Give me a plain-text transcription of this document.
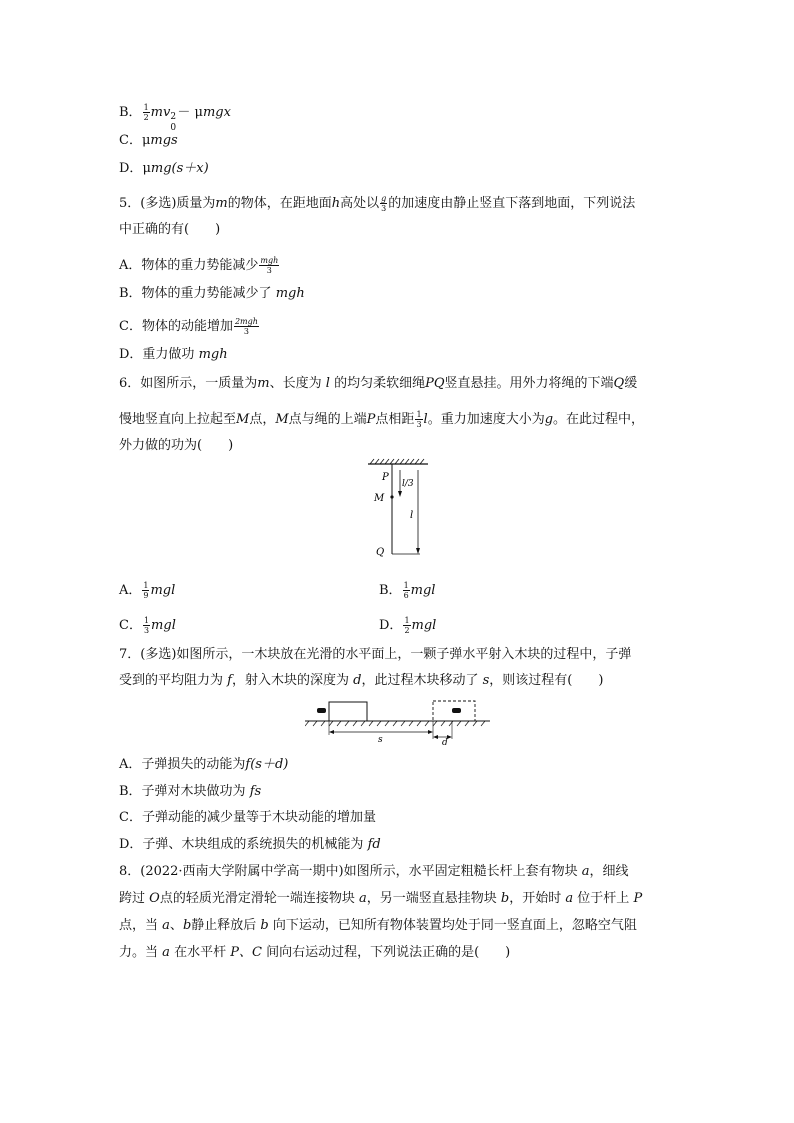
B． $\frac{1}{2}$ mv 2
0
－ μmgx
C．μmgs
D．μmg(s＋x)
5．(多选)质量为m的物体，在距地面h高处以 $\frac{g}{3}$ 的加速度由静止竖直下落到地面，下列说法
中正确的有(　　)
A．物体的重力势能减少 $\frac{\text{mgh}}{3}$
B．物体的重力势能减少了 mgh
C．物体的动能增加 $\frac{\text{2mgh}}{3}$
D．重力做功 mgh
6．如图所示，一质量为m、长度为 l 的均匀柔软细绳PQ竖直悬挂。用外力将绳的下端Q缓
慢地竖直向上拉起至M点，M点与绳的上端P点相距 $\frac{1}{3}$ l。重力加速度大小为g。在此过程中，
外力做的功为(　　)
P
M
Q
l/3
l
A． $\frac{1}{9}$ mgl	B． $\frac{1}{6}$ mgl
C． $\frac{1}{3}$ mgl	D． $\frac{1}{2}$ mgl
7．(多选)如图所示，一木块放在光滑的水平面上，一颗子弹水平射入木块的过程中，子弹
受到的平均阻力为 f，射入木块的深度为 d，此过程木块移动了 s，则该过程有(　　)
s	d
A．子弹损失的动能为f(s＋d)
B．子弹对木块做功为 fs
C．子弹动能的减少量等于木块动能的增加量
D．子弹、木块组成的系统损失的机械能为 fd
8．(2022·西南大学附属中学高一期中)如图所示，水平固定粗糙长杆上套有物块 a，细线
跨过 O点的轻质光滑定滑轮一端连接物块 a，另一端竖直悬挂物块 b，开始时 a 位于杆上 P
点，当 a、b静止释放后 b 向下运动，已知所有物体装置均处于同一竖直面上，忽略空气阻
力。当 a 在水平杆 P、C 间向右运动过程，下列说法正确的是(　　)
